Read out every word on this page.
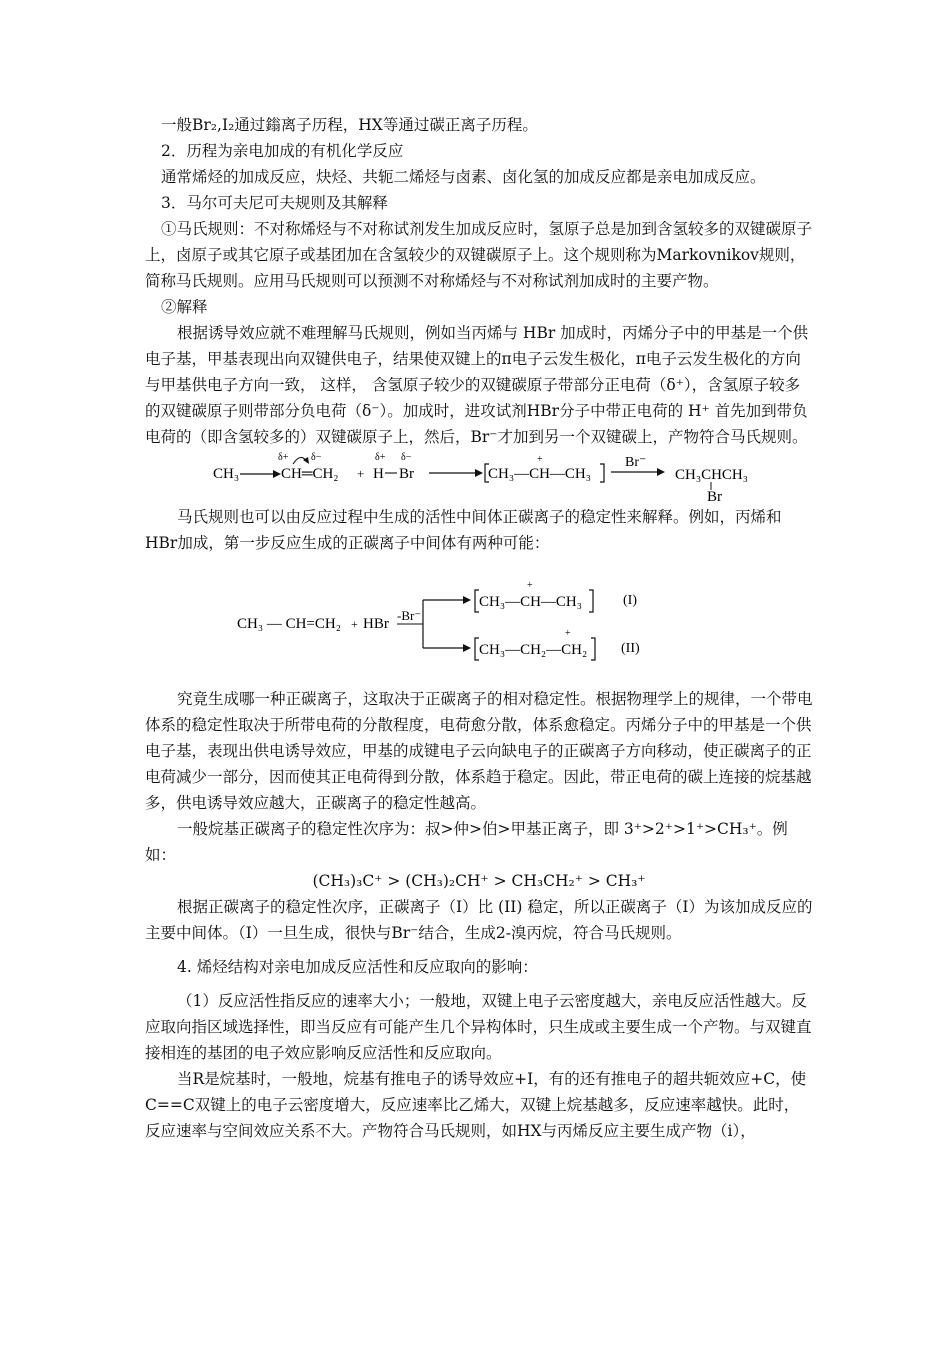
一般Br₂,I₂通过鎓离子历程，HX等通过碳正离子历程。

2．历程为亲电加成的有机化学反应

通常烯烃的加成反应，炔烃、共轭二烯烃与卤素、卤化氢的加成反应都是亲电加成反应。

3．马尔可夫尼可夫规则及其解释

①马氏规则：不对称烯烃与不对称试剂发生加成反应时，氢原子总是加到含氢较多的双键碳原子上，卤原子或其它原子或基团加在含氢较少的双键碳原子上。这个规则称为Markovnikov规则，简称马氏规则。应用马氏规则可以预测不对称烯烃与不对称试剂加成时的主要产物。

②解释

根据诱导效应就不难理解马氏规则，例如当丙烯与 HBr 加成时，丙烯分子中的甲基是一个供电子基，甲基表现出向双键供电子，结果使双键上的π电子云发生极化，π电子云发生极化的方向与甲基供电子方向一致， 这样， 含氢原子较少的双键碳原子带部分正电荷（δ⁺），含氢原子较多的双键碳原子则带部分负电荷（δ⁻）。加成时，进攻试剂HBr分子中带正电荷的 H⁺ 首先加到带负电荷的（即含氢较多的）双键碳原子上，然后，Br⁻才加到另一个双键碳上，产物符合马氏规则。

CH₃
δ+ δ−
CH═CH₂ +
δ+ δ−
H Br
+
CH₃—CH—CH₃
Br⁻
CH₃CHCH₃
Br

马氏规则也可以由反应过程中生成的活性中间体正碳离子的稳定性来解释。例如，丙烯和HBr加成，第一步反应生成的正碳离子中间体有两种可能：

CH₃ — CH=CH₂ + HBr
-Br⁻
+
CH₃—CH—CH₃	(I)
+
CH₃—CH₂—CH₂ (II)

究竟生成哪一种正碳离子，这取决于正碳离子的相对稳定性。根据物理学上的规律，一个带电体系的稳定性取决于所带电荷的分散程度，电荷愈分散，体系愈稳定。丙烯分子中的甲基是一个供电子基，表现出供电诱导效应，甲基的成键电子云向缺电子的正碳离子方向移动，使正碳离子的正电荷减少一部分，因而使其正电荷得到分散，体系趋于稳定。因此，带正电荷的碳上连接的烷基越多，供电诱导效应越大，正碳离子的稳定性越高。

一般烷基正碳离子的稳定性次序为：叔>仲>伯>甲基正离子，即 3⁺>2⁺>1⁺>CH₃⁺。例如：

(CH₃)₃C⁺ > (CH₃)₂CH⁺ > CH₃CH₂⁺ > CH₃⁺

根据正碳离子的稳定性次序，正碳离子（I）比 (II) 稳定，所以正碳离子（I）为该加成反应的主要中间体。（I）一旦生成，很快与Br⁻结合，生成2-溴丙烷，符合马氏规则。

4. 烯烃结构对亲电加成反应活性和反应取向的影响：

（1）反应活性指反应的速率大小；一般地，双键上电子云密度越大，亲电反应活性越大。反应取向指区域选择性，即当反应有可能产生几个异构体时，只生成或主要生成一个产物。与双键直接相连的基团的电子效应影响反应活性和反应取向。

当R是烷基时，一般地，烷基有推电子的诱导效应+I，有的还有推电子的超共轭效应+C，使C==C双键上的电子云密度增大，反应速率比乙烯大，双键上烷基越多，反应速率越快。此时，反应速率与空间效应关系不大。产物符合马氏规则，如HX与丙烯反应主要生成产物（i），
